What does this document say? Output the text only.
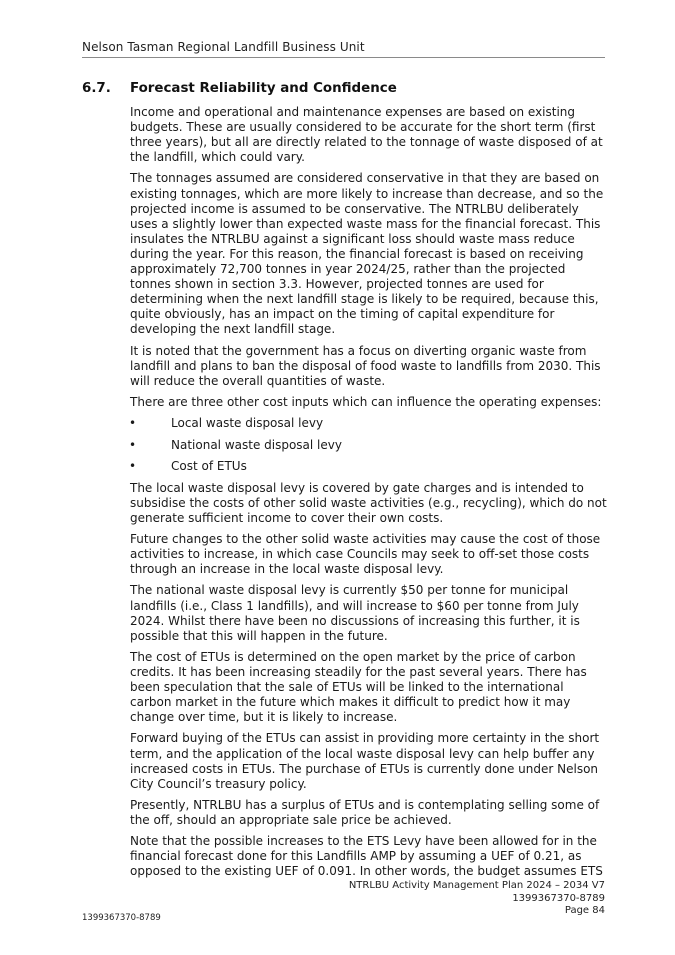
Nelson Tasman Regional Landfill Business Unit
6.7. Forecast Reliability and Confidence

Income and operational and maintenance expenses are based on existing budgets. These are usually considered to be accurate for the short term (first three years), but all are directly related to the tonnage of waste disposed of at the landfill, which could vary.

The tonnages assumed are considered conservative in that they are based on existing tonnages, which are more likely to increase than decrease, and so the projected income is assumed to be conservative. The NTRLBU deliberately uses a slightly lower than expected waste mass for the financial forecast. This insulates the NTRLBU against a significant loss should waste mass reduce during the year. For this reason, the financial forecast is based on receiving approximately 72,700 tonnes in year 2024/25, rather than the projected tonnes shown in section 3.3. However, projected tonnes are used for determining when the next landfill stage is likely to be required, because this, quite obviously, has an impact on the timing of capital expenditure for developing the next landfill stage.

It is noted that the government has a focus on diverting organic waste from landfill and plans to ban the disposal of food waste to landfills from 2030. This will reduce the overall quantities of waste.

There are three other cost inputs which can influence the operating expenses:

•	Local waste disposal levy
•	National waste disposal levy
•	Cost of ETUs

The local waste disposal levy is covered by gate charges and is intended to subsidise the costs of other solid waste activities (e.g., recycling), which do not generate sufficient income to cover their own costs.

Future changes to the other solid waste activities may cause the cost of those activities to increase, in which case Councils may seek to off-set those costs through an increase in the local waste disposal levy.

The national waste disposal levy is currently $50 per tonne for municipal landfills (i.e., Class 1 landfills), and will increase to $60 per tonne from July 2024. Whilst there have been no discussions of increasing this further, it is possible that this will happen in the future.

The cost of ETUs is determined on the open market by the price of carbon credits. It has been increasing steadily for the past several years. There has been speculation that the sale of ETUs will be linked to the international carbon market in the future which makes it difficult to predict how it may change over time, but it is likely to increase.

Forward buying of the ETUs can assist in providing more certainty in the short term, and the application of the local waste disposal levy can help buffer any increased costs in ETUs. The purchase of ETUs is currently done under Nelson City Council’s treasury policy.

Presently, NTRLBU has a surplus of ETUs and is contemplating selling some of the off, should an appropriate sale price be achieved.

Note that the possible increases to the ETS Levy have been allowed for in the financial forecast done for this Landfills AMP by assuming a UEF of 0.21, as opposed to the existing UEF of 0.091. In other words, the budget assumes ETS

NTRLBU Activity Management Plan 2024 – 2034 V7
1399367370-8789
Page 84
1399367370-8789
